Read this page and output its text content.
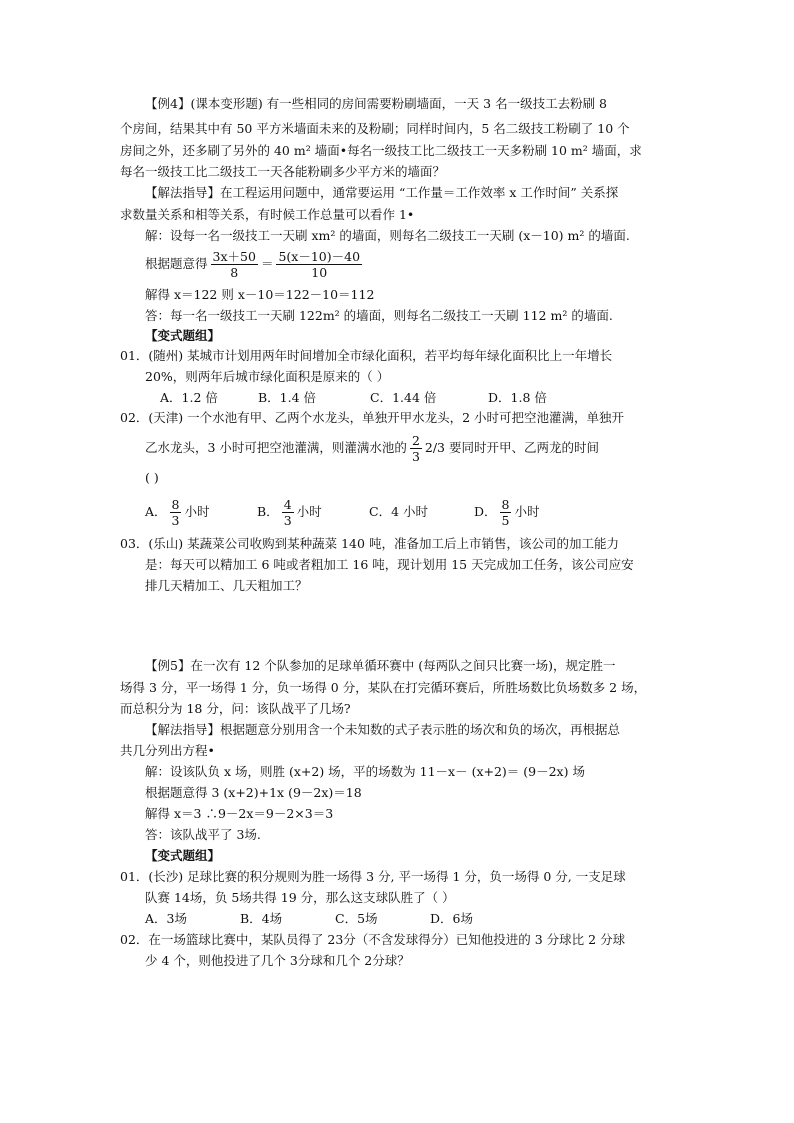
【例4】(课本变形题) 有一些相同的房间需要粉刷墙面，一天 3 名一级技工去粉刷 8
个房间，结果其中有 50 平方米墙面未来的及粉刷；同样时间内，5 名二级技工粉刷了 10 个
房间之外，还多刷了另外的 40 m² 墙面•每名一级技工比二级技工一天多粉刷 10 m² 墙面，求
每名一级技工比二级技工一天各能粉刷多少平方米的墙面？
【解法指导】在工程运用问题中，通常要运用 “工作量＝工作效率 x 工作时间” 关系探
求数量关系和相等关系，有时候工作总量可以看作 1•
解：设每一名一级技工一天刷 xm² 的墙面，则每名二级技工一天刷 (x－10) m² 的墙面.
根据题意得 $\frac{3x+50}{8} = \frac{5(x-10)-40}{10}$
解得 x＝122 则 x－10＝122－10＝112
答：每一名一级技工一天刷 122m² 的墙面，则每名二级技工一天刷 112 m² 的墙面.
【变式题组】
01．(随州) 某城市计划用两年时间增加全市绿化面积，若平均每年绿化面积比上一年增长
20%，则两年后城市绿化面积是原来的（ ）
A．1.2 倍	B．1.4 倍	C．1.44 倍	D．1.8 倍
02．(天津) 一个水池有甲、乙两个水龙头，单独开甲水龙头，2 小时可把空池灌满，单独开
乙水龙头，3 小时可把空池灌满，则灌满水池的 $\frac{2}{3} 2/3$ 要同时开甲、乙两龙的时间
( )
A． $\frac{8}{3}$ 小时	B． $\frac{4}{3}$ 小时	C．4 小时	D． $\frac{8}{5}$ 小时
03．(乐山) 某蔬菜公司收购到某种蔬菜 140 吨，准备加工后上市销售，该公司的加工能力
是：每天可以精加工 6 吨或者粗加工 16 吨，现计划用 15 天完成加工任务，该公司应安
排几天精加工、几天粗加工？
【例5】在一次有 12 个队参加的足球单循环赛中 (每两队之间只比赛一场)，规定胜一
场得 3 分，平一场得 1 分，负一场得 0 分，某队在打完循环赛后，所胜场数比负场数多 2 场，
而总积分为 18 分，问：该队战平了几场?
【解法指导】根据题意分别用含一个未知数的式子表示胜的场次和负的场次，再根据总
共几分列出方程•
解：设该队负 x 场，则胜 (x+2) 场，平的场数为 11－x－ (x+2)＝ (9－2x) 场
根据题意得 3 (x+2)+1x (9－2x)＝18
解得 x＝3 ∴9－2x＝9－2×3＝3
答：该队战平了 3场.
【变式题组】
01．(长沙) 足球比赛的积分规则为胜一场得 3 分, 平一场得 1 分，负一场得 0 分, 一支足球
队赛 14场，负 5场共得 19 分，那么这支球队胜了（ ）
A．3场	B．4场	C．5场	D．6场
02．在一场篮球比赛中，某队员得了 23分（不含发球得分）已知他投进的 3 分球比 2 分球
少 4 个，则他投进了几个 3分球和几个 2分球？
